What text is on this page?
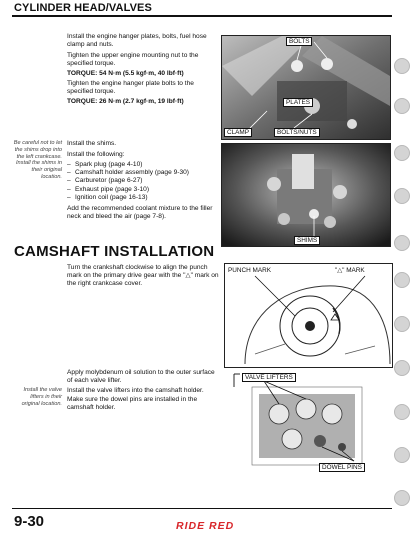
CYLINDER HEAD/VALVES
Install the engine hanger plates, bolts, fuel hose clamp and nuts.
Tighten the upper engine mounting nut to the specified torque.
TORQUE: 54 N·m (5.5 kgf·m, 40 lbf·ft)
Tighten the engine hanger plate bolts to the specified torque.
TORQUE: 26 N·m (2.7 kgf·m, 19 lbf·ft)
Be careful not to let the shims drop into the left crankcase. Install the shims in their original location.
Install the shims.
Install the following:
– Spark plug (page 4-10)
– Camshaft holder assembly (page 9-30)
– Carburetor (page 6-27)
– Exhaust pipe (page 3-10)
– Ignition coil (page 16-13)
Add the recommended coolant mixture to the filler neck and bleed the air (page 7-8).
BOLTS
PLATES
CLAMP	BOLTS/NUTS
SHIMS
CAMSHAFT INSTALLATION
Turn the crankshaft clockwise to align the punch mark on the primary drive gear with the "△" mark on the right crankcase cover.
PUNCH MARK	"△" MARK
Apply molybdenum oil solution to the outer surface of each valve lifter.
Install the valve lifters in their original location.
Install the valve lifters into the camshaft holder.
Make sure the dowel pins are installed in the camshaft holder.
VALVE LIFTERS
DOWEL PINS
9-30	RIDE RED
